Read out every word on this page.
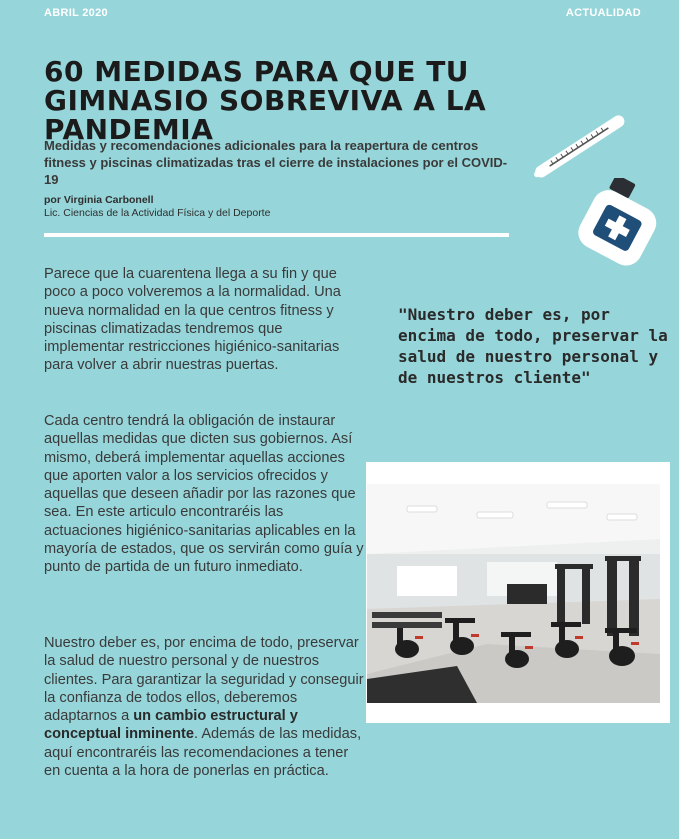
ABRIL 2020	ACTUALIDAD
60 MEDIDAS PARA QUE TU GIMNASIO SOBREVIVA A LA PANDEMIA
Medidas y recomendaciones adicionales para la reapertura de centros fitness y piscinas climatizadas tras el cierre de instalaciones por el COVID-19
por Virginia Carbonell
Lic. Ciencias de la Actividad Física y del Deporte
Parece que la cuarentena llega a su fin y que poco a poco volveremos a la normalidad. Una nueva normalidad en la que centros fitness y piscinas climatizadas tendremos que implementar restricciones higiénico-sanitarias para volver a abrir nuestras puertas.
Cada centro tendrá la obligación de instaurar aquellas medidas que dicten sus gobiernos. Así mismo, deberá implementar aquellas acciones que aporten valor a los servicios ofrecidos y aquellas que deseen añadir por las razones que sea. En este articulo encontraréis las actuaciones higiénico-sanitarias aplicables en la mayoría de estados, que os servirán como guía y punto de partida de un futuro inmediato.
Nuestro deber es, por encima de todo, preservar la salud de nuestro personal y de nuestros clientes. Para garantizar la seguridad y conseguir la confianza de todos ellos, deberemos adaptarnos a un cambio estructural y conceptual inminente. Además de las medidas, aquí encontraréis las recomendaciones a tener en cuenta a la hora de ponerlas en práctica.
"Nuestro deber es, por encima de todo, preservar la salud de nuestro personal y de nuestros cliente"
